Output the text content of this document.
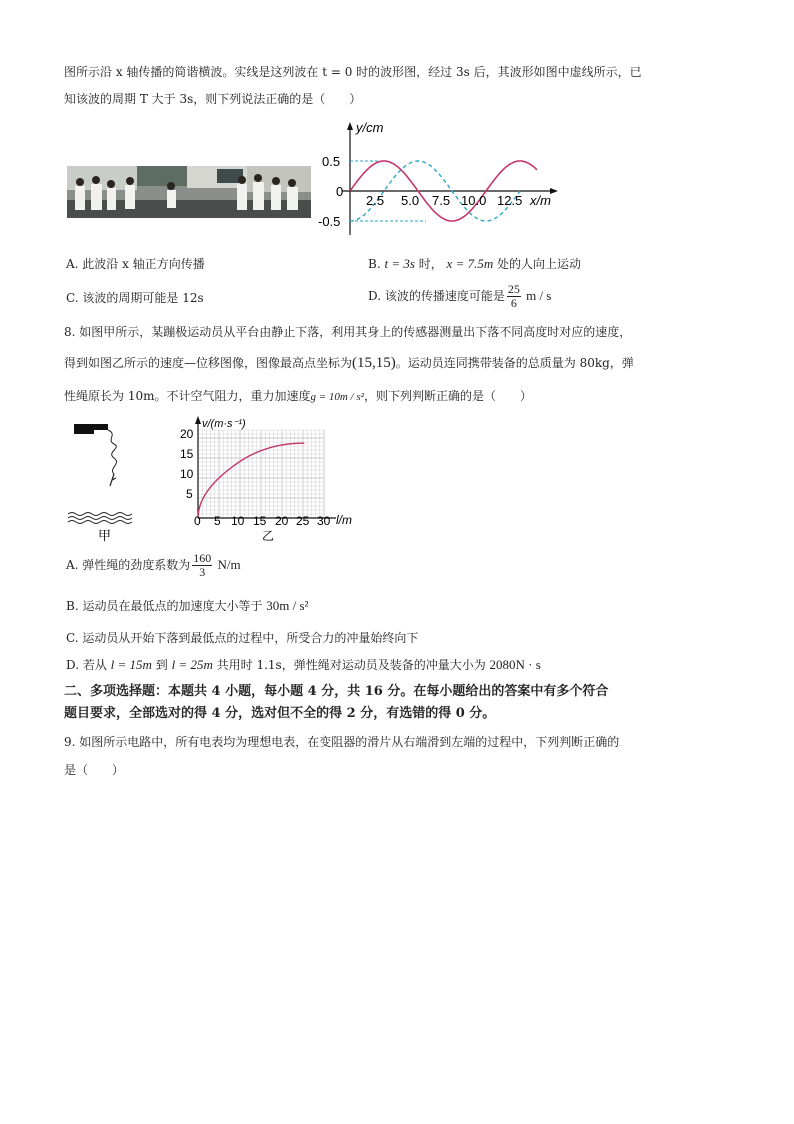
图所示沿 x 轴传播的简谐横波。实线是这列波在 t = 0 时的波形图，经过 3s 后，其波形如图中虚线所示，已
知该波的周期 T 大于 3s，则下列说法正确的是（　　）
y/cm
x/m
0.5
0
-0.5
2.5 5.0 7.5 10.0 12.5
A. 此波沿 x 轴正方向传播	B. t = 3s 时， x = 7.5m 处的人向上运动
C. 该波的周期可能是 12s	D. 该波的传播速度可能是 $\frac{25}{6}$ m / s
8. 如图甲所示，某蹦极运动员从平台由静止下落，利用其身上的传感器测量出下落不同高度时对应的速度，
得到如图乙所示的速度—位移图像，图像最高点坐标为(15,15)。运动员连同携带装备的总质量为 80kg，弹
性绳原长为 10m。不计空气阻力，重力加速度g = 10m / s²，则下列判断正确的是（　　）
甲
v/(m·s⁻¹)
l/m
20
15
10
5
0 5 10 15 20 25 30
乙
A. 弹性绳的劲度系数为 $\frac{160}{3} N/m$
B. 运动员在最低点的加速度大小等于 30m / s²
C. 运动员从开始下落到最低点的过程中，所受合力的冲量始终向下
D. 若从 l = 15m 到 l = 25m 共用时 1.1s，弹性绳对运动员及装备的冲量大小为 2080N · s
二、多项选择题：本题共 4 小题，每小题 4 分，共 16 分。在每小题给出的答案中有多个符合
题目要求，全部选对的得 4 分，选对但不全的得 2 分，有选错的得 0 分。
9. 如图所示电路中，所有电表均为理想电表，在变阻器的滑片从右端滑到左端的过程中，下列判断正确的
是（　　）
